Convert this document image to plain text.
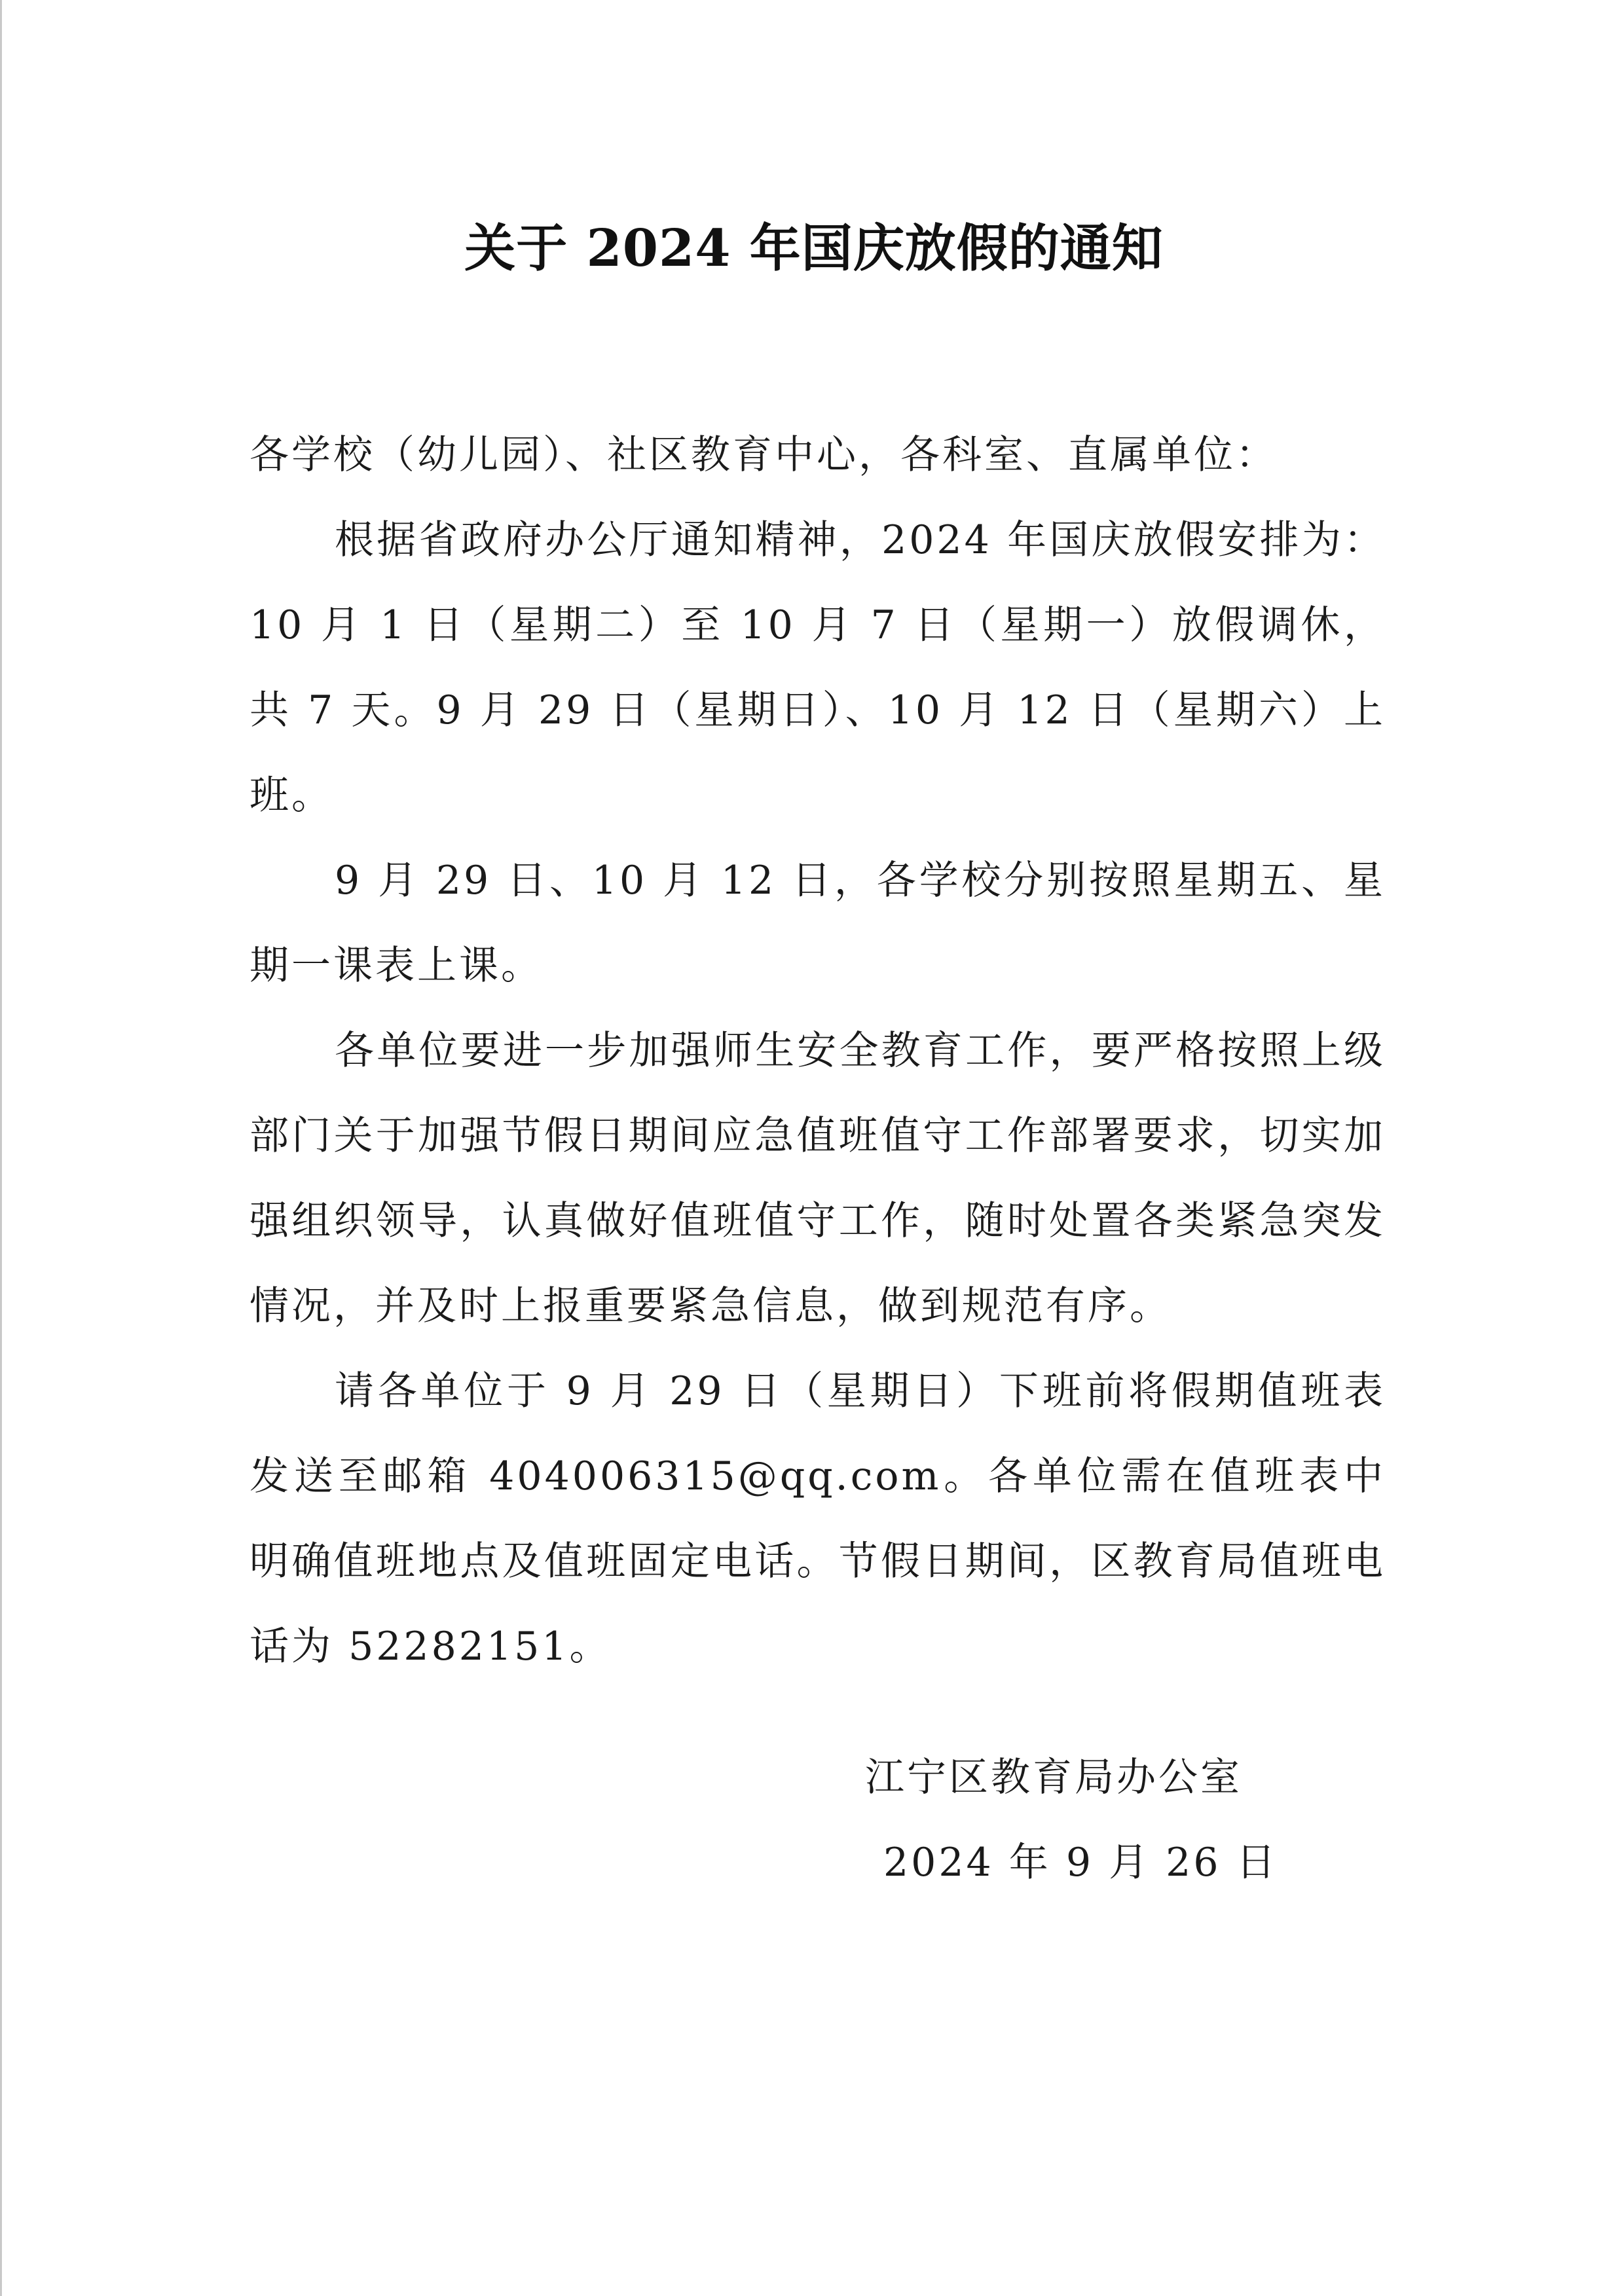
关于 2024 年国庆放假的通知

各学校（幼儿园）、社区教育中心，各科室、直属单位：

根据省政府办公厅通知精神，2024 年国庆放假安排为：10 月 1 日（星期二）至 10 月 7 日（星期一）放假调休，共 7 天。9 月 29 日（星期日）、10 月 12 日（星期六）上班。

9 月 29 日、10 月 12 日，各学校分别按照星期五、星期一课表上课。

各单位要进一步加强师生安全教育工作，要严格按照上级部门关于加强节假日期间应急值班值守工作部署要求，切实加强组织领导，认真做好值班值守工作，随时处置各类紧急突发情况，并及时上报重要紧急信息，做到规范有序。

请各单位于 9 月 29 日（星期日）下班前将假期值班表发送至邮箱 404006315@qq.com。各单位需在值班表中明确值班地点及值班固定电话。节假日期间，区教育局值班电话为 52282151。

江宁区教育局办公室
2024 年 9 月 26 日
